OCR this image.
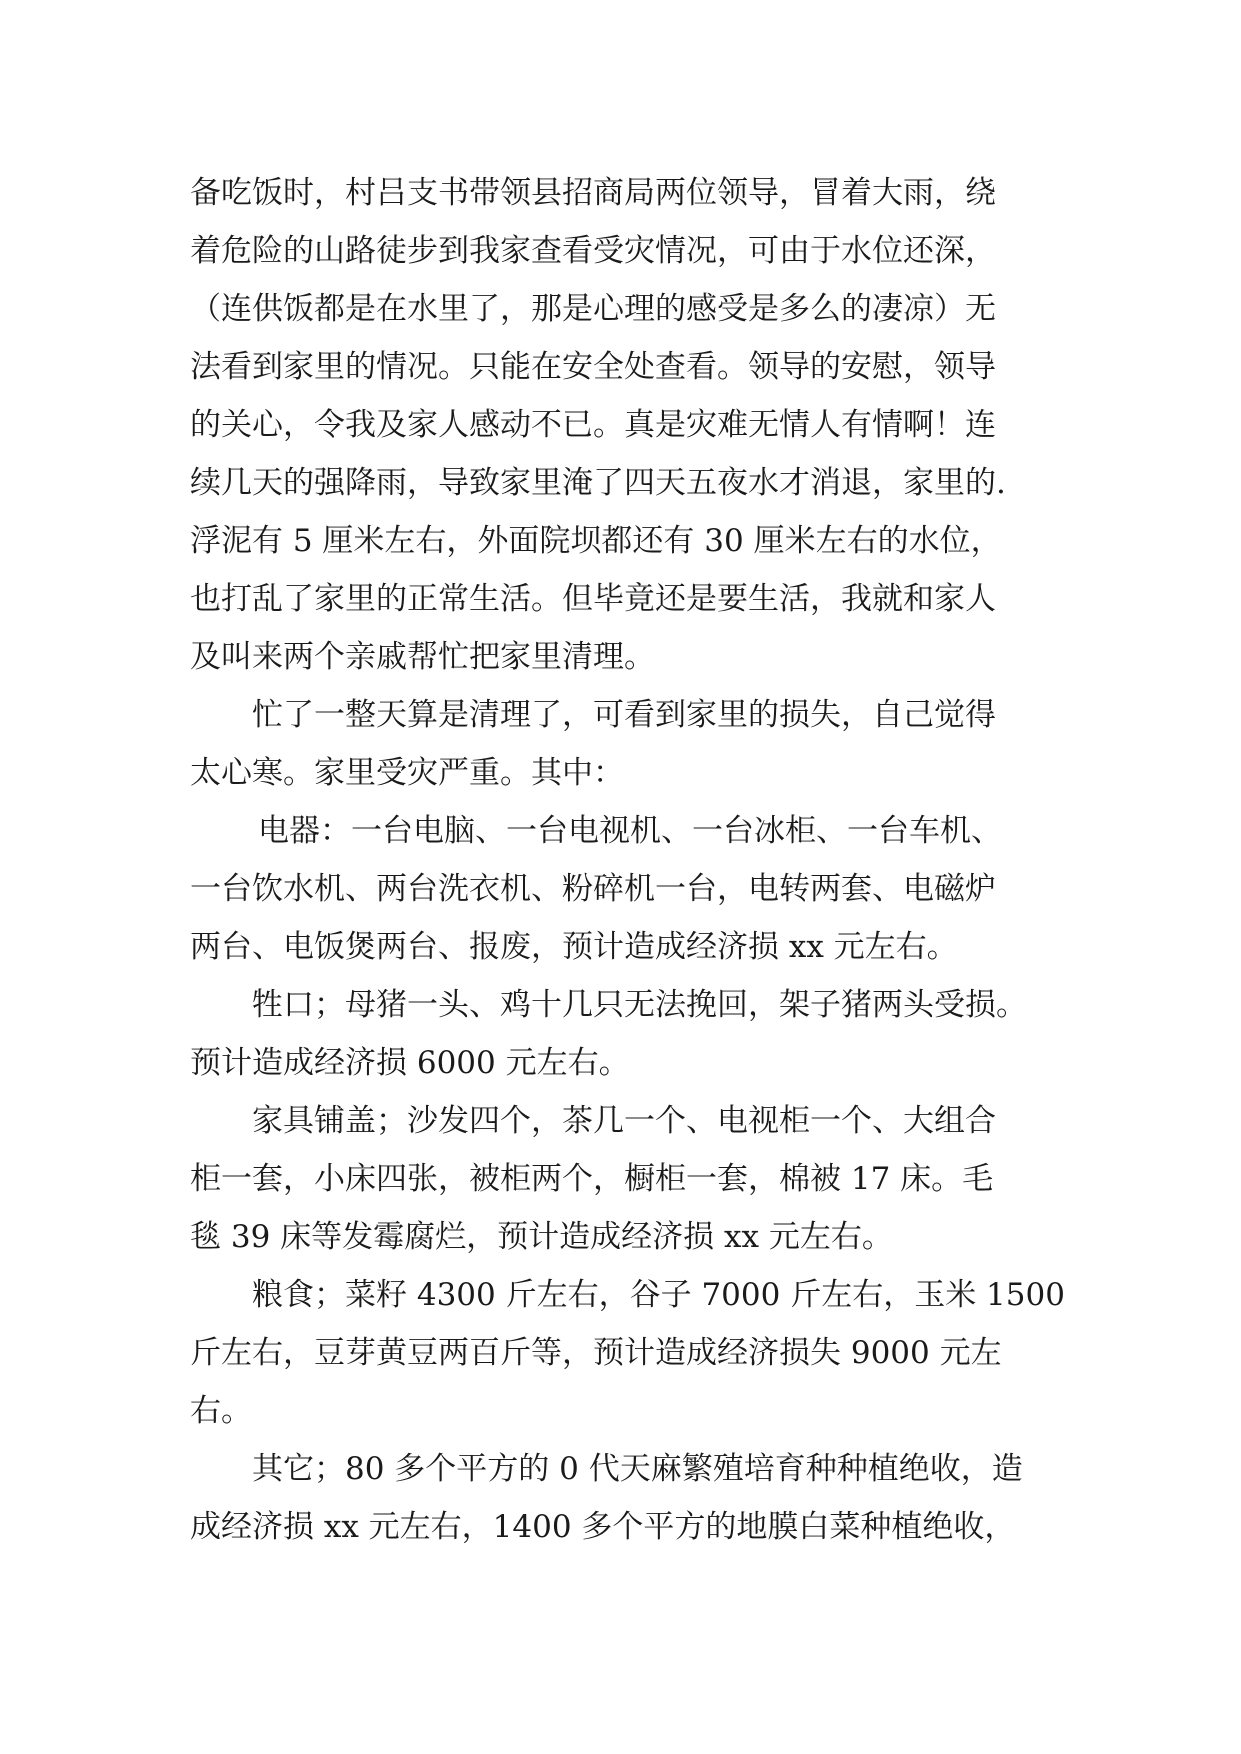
备吃饭时，村吕支书带领县招商局两位领导，冒着大雨，绕
着危险的山路徒步到我家查看受灾情况，可由于水位还深，
（连供饭都是在水里了，那是心理的感受是多么的凄凉）无
法看到家里的情况。只能在安全处查看。领导的安慰，领导
的关心，令我及家人感动不已。真是灾难无情人有情啊！连
续几天的强降雨，导致家里淹了四天五夜水才消退，家里的.
浮泥有 5 厘米左右，外面院坝都还有 30 厘米左右的水位，
也打乱了家里的正常生活。但毕竟还是要生活，我就和家人
及叫来两个亲戚帮忙把家里清理。
忙了一整天算是清理了，可看到家里的损失，自己觉得
太心寒。家里受灾严重。其中：
电器：一台电脑、一台电视机、一台冰柜、一台车机、
一台饮水机、两台洗衣机、粉碎机一台，电转两套、电磁炉
两台、电饭煲两台、报废，预计造成经济损 xx 元左右。
牲口；母猪一头、鸡十几只无法挽回，架子猪两头受损。
预计造成经济损 6000 元左右。
家具铺盖；沙发四个，茶几一个、电视柜一个、大组合
柜一套，小床四张，被柜两个，橱柜一套，棉被 17 床。毛
毯 39 床等发霉腐烂，预计造成经济损 xx 元左右。
粮食；菜籽 4300 斤左右，谷子 7000 斤左右，玉米 1500
斤左右，豆芽黄豆两百斤等，预计造成经济损失 9000 元左
右。
其它；80 多个平方的 0 代天麻繁殖培育种种植绝收，造
成经济损 xx 元左右，1400 多个平方的地膜白菜种植绝收，
